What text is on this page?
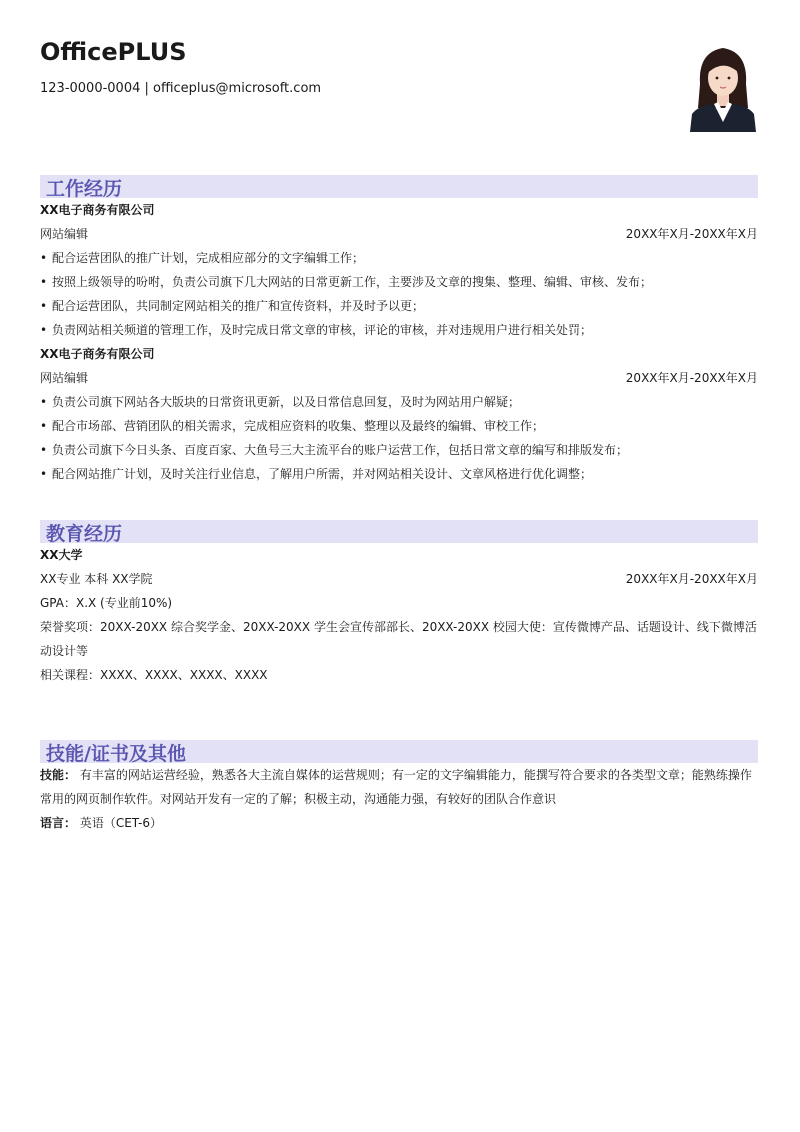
OfficePLUS
123-0000-0004 | officeplus@microsoft.com
工作经历
XX电子商务有限公司
网站编辑	20XX年X月-20XX年X月
• 配合运营团队的推广计划，完成相应部分的文字编辑工作；
• 按照上级领导的吩咐，负责公司旗下几大网站的日常更新工作，主要涉及文章的搜集、整理、编辑、审核、发布；
• 配合运营团队，共同制定网站相关的推广和宣传资料，并及时予以更；
• 负责网站相关频道的管理工作，及时完成日常文章的审核，评论的审核，并对违规用户进行相关处罚；
XX电子商务有限公司
网站编辑	20XX年X月-20XX年X月
• 负责公司旗下网站各大版块的日常资讯更新，以及日常信息回复，及时为网站用户解疑；
• 配合市场部、营销团队的相关需求，完成相应资料的收集、整理以及最终的编辑、审校工作；
• 负责公司旗下今日头条、百度百家、大鱼号三大主流平台的账户运营工作，包括日常文章的编写和排版发布；
• 配合网站推广计划，及时关注行业信息，了解用户所需，并对网站相关设计、文章风格进行优化调整；
教育经历
XX大学
XX专业 本科 XX学院	20XX年X月-20XX年X月
GPA：X.X (专业前10%)
荣誉奖项：20XX-20XX 综合奖学金、20XX-20XX 学生会宣传部部长、20XX-20XX 校园大使：宣传微博产品、话题设计、线下微博活动设计等
相关课程：XXXX、XXXX、XXXX、XXXX
技能/证书及其他
技能： 有丰富的网站运营经验，熟悉各大主流自媒体的运营规则；有一定的文字编辑能力，能撰写符合要求的各类型文章；能熟练操作常用的网页制作软件。对网站开发有一定的了解；积极主动，沟通能力强，有较好的团队合作意识
语言： 英语（CET-6）
